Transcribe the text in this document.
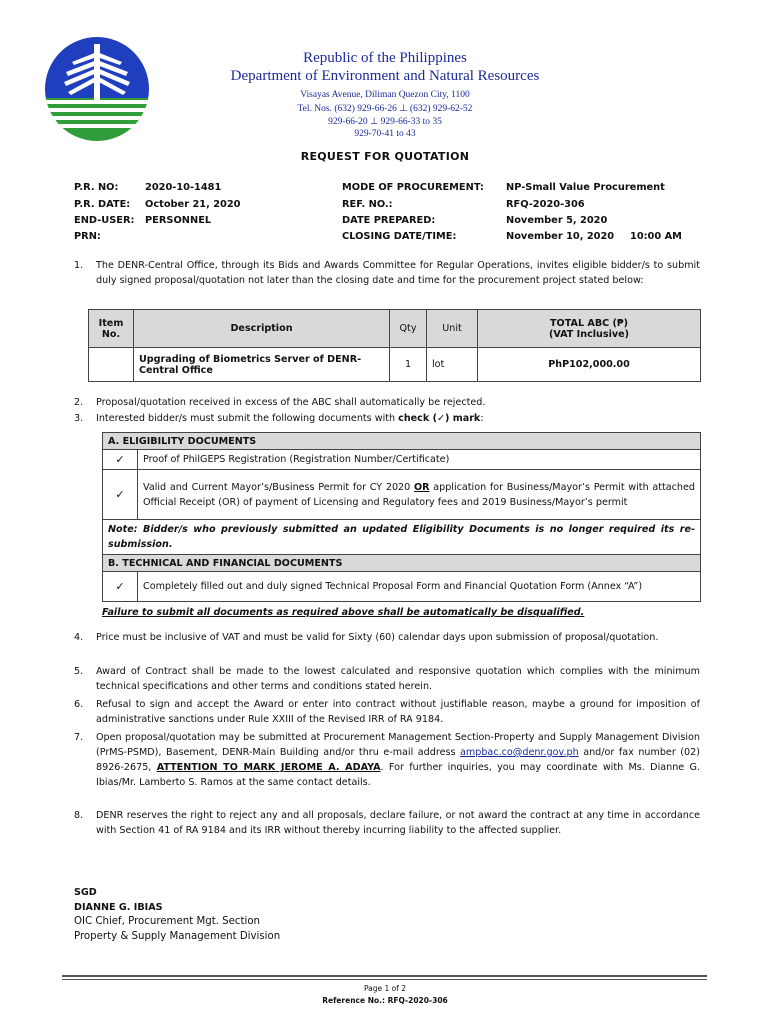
Republic of the Philippines
Department of Environment and Natural Resources
Visayas Avenue, Diliman Quezon City, 1100
Tel. Nos. (632) 929-66-26 ⊥ (632) 929-62-52
929-66-20 ⊥ 929-66-33 to 35
929-70-41 to 43
REQUEST FOR QUOTATION
P.R. NO:	2020-10-1481
P.R. DATE: October 21, 2020
END-USER: PERSONNEL
PRN:
MODE OF PROCUREMENT: NP-Small Value Procurement
REF. NO.:	RFQ-2020-306
DATE PREPARED:	November 5, 2020
CLOSING DATE/TIME:	November 10, 2020 10:00 AM
1. The DENR-Central Office, through its Bids and Awards Committee for Regular Operations, invites eligible bidder/s to submit duly signed proposal/quotation not later than the closing date and time for the procurement project stated below:
Item No.	Description	Qty	Unit	TOTAL ABC (₱)
(VAT Inclusive)

	Upgrading of Biometrics Server of DENR-Central Office	1	lot	PhP102,000.00
2. Proposal/quotation received in excess of the ABC shall automatically be rejected.
3. Interested bidder/s must submit the following documents with check (✓) mark:
A. ELIGIBILITY DOCUMENTS	
✓	Proof of PhilGEPS Registration (Registration Number/Certificate)
✓	Valid and Current Mayor’s/Business Permit for CY 2020 OR application for Business/Mayor’s Permit with attached Official Receipt (OR) of payment of Licensing and Regulatory fees and 2019 Business/Mayor’s permit
Note: Bidder/s who previously submitted an updated Eligibility Documents is no longer required its re-submission.	
B. TECHNICAL AND FINANCIAL DOCUMENTS	
✓	Completely filled out and duly signed Technical Proposal Form and Financial Quotation Form (Annex “A”)
Failure to submit all documents as required above shall be automatically be disqualified.
4. Price must be inclusive of VAT and must be valid for Sixty (60) calendar days upon submission of proposal/quotation.
5. Award of Contract shall be made to the lowest calculated and responsive quotation which complies with the minimum technical specifications and other terms and conditions stated herein.
6. Refusal to sign and accept the Award or enter into contract without justifiable reason, maybe a ground for imposition of administrative sanctions under Rule XXIII of the Revised IRR of RA 9184.
7. Open proposal/quotation may be submitted at Procurement Management Section-Property and Supply Management Division (PrMS-PSMD), Basement, DENR-Main Building and/or thru e-mail address ampbac.co@denr.gov.ph and/or fax number (02) 8926-2675, ATTENTION TO MARK JEROME A. ADAYA. For further inquiries, you may coordinate with Ms. Dianne G. Ibias/Mr. Lamberto S. Ramos at the same contact details.
8. DENR reserves the right to reject any and all proposals, declare failure, or not award the contract at any time in accordance with Section 41 of RA 9184 and its IRR without thereby incurring liability to the affected supplier.
SGD
DIANNE G. IBIAS
OIC Chief, Procurement Mgt. Section
Property & Supply Management Division
Page 1 of 2
Reference No.: RFQ-2020-306
